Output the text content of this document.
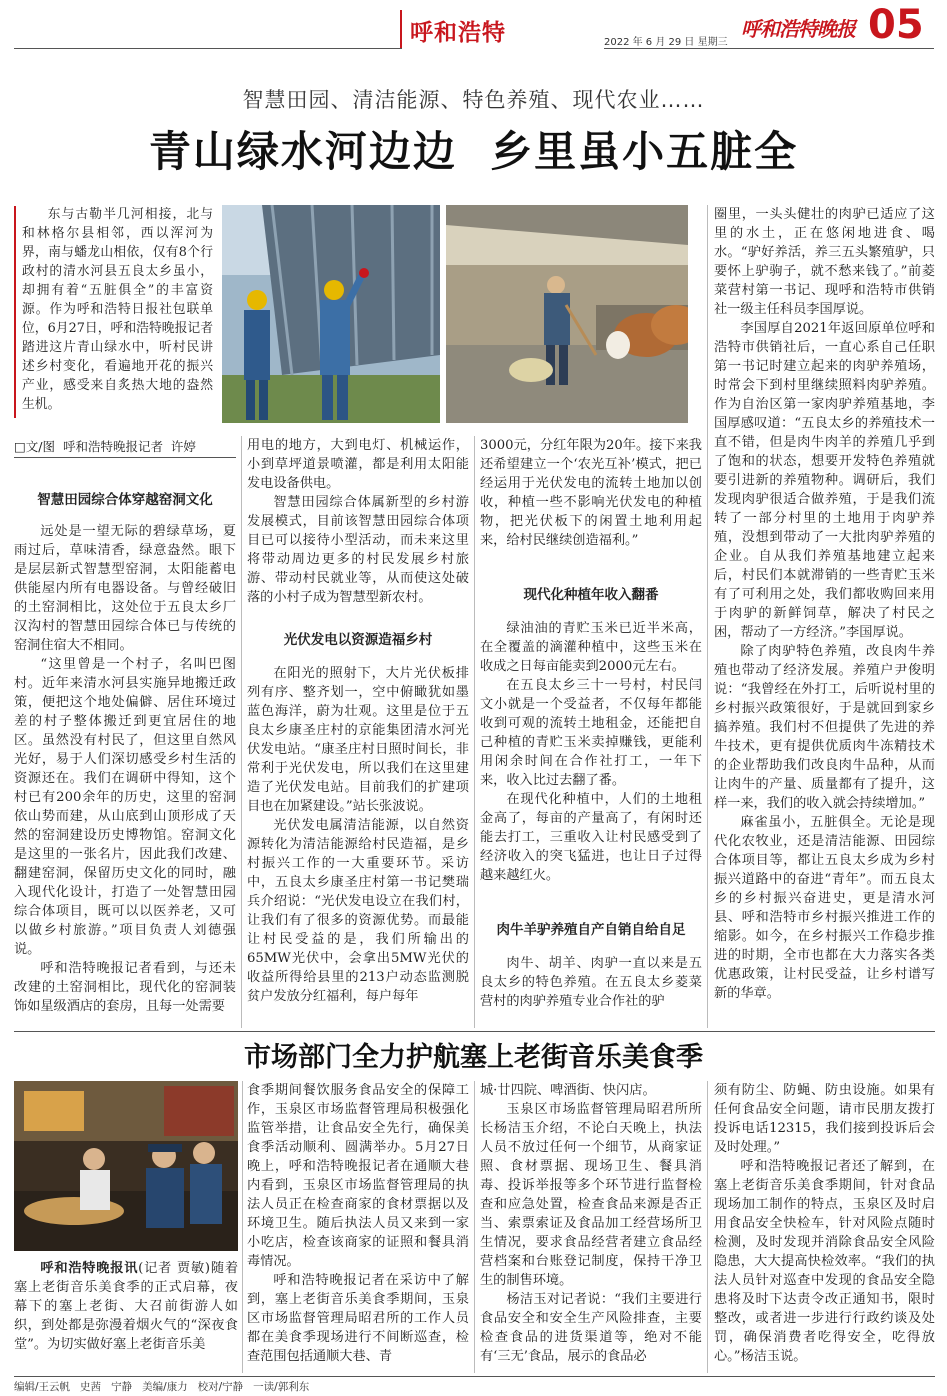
呼和浩特	2022 年 6 月 29 日 星期三
呼和浩特晚报 05
智慧田园、清洁能源、特色养殖、现代农业……
青山绿水河边边  乡里虽小五脏全

东与古勒半几河相接，北与和林格尔县相邻，西以浑河为界，南与蟠龙山相依，仅有8个行政村的清水河县五良太乡虽小，却拥有着“五脏俱全”的丰富资源。作为呼和浩特日报社包联单位，6月27日，呼和浩特晚报记者踏进这片青山绿水中，听村民讲述乡村变化，看遍地开花的振兴产业，感受来自炙热大地的盎然生机。

□文/图  呼和浩特晚报记者  许婷

智慧田园综合体穿越窑洞文化

远处是一望无际的碧绿草场，夏雨过后，草味清香，绿意盎然。眼下是层层新式智慧型窑洞，太阳能蓄电供能屋内所有电器设备。与曾经破旧的土窑洞相比，这处位于五良太乡厂汉沟村的智慧田园综合体已与传统的窑洞住宿大不相同。

“这里曾是一个村子，名叫巴图村。近年来清水河县实施异地搬迁政策，便把这个地处偏僻、居住环境过差的村子整体搬迁到更宜居住的地区。虽然没有村民了，但这里自然风光好，易于人们深切感受乡村生活的资源还在。我们在调研中得知，这个村已有200余年的历史，这里的窑洞依山势而建，从山底到山顶形成了天然的窑洞建设历史博物馆。窑洞文化是这里的一张名片，因此我们改建、翻建窑洞，保留历史文化的同时，融入现代化设计，打造了一处智慧田园综合体项目，既可以以医养老，又可以做乡村旅游。”项目负责人刘德强说。

呼和浩特晚报记者看到，与还未改建的土窑洞相比，现代化的窑洞装饰如星级酒店的套房，且每一处需要

用电的地方，大到电灯、机械运作，小到草坪道景喷灌，都是利用太阳能发电设备供电。

智慧田园综合体属新型的乡村游发展模式，目前该智慧田园综合体项目已可以接待小型活动，而未来这里将带动周边更多的村民发展乡村旅游、带动村民就业等，从而使这处破落的小村子成为智慧型新农村。

光伏发电以资源造福乡村

在阳光的照射下，大片光伏板排列有序、整齐划一，空中俯瞰犹如墨蓝色海洋，蔚为壮观。这里是位于五良太乡康圣庄村的京能集团清水河光伏发电站。“康圣庄村日照时间长，非常利于光伏发电，所以我们在这里建造了光伏发电站。目前我们的扩建项目也在加紧建设。”站长张波说。

光伏发电属清洁能源，以自然资源转化为清洁能源给村民造福，是乡村振兴工作的一大重要环节。采访中，五良太乡康圣庄村第一书记樊瑞兵介绍说：“光伏发电设立在我们村，让我们有了很多的资源优势。而最能让村民受益的是，我们所输出的65MW光伏中，会拿出5MW光伏的收益所得给县里的213户动态监测脱贫户发放分红福利，每户每年

3000元，分红年限为20年。接下来我还希望建立一个‘农光互补’模式，把已经运用于光伏发电的流转土地加以创收，种植一些不影响光伏发电的种植物，把光伏板下的闲置土地利用起来，给村民继续创造福利。”

现代化种植年收入翻番

绿油油的青贮玉米已近半米高，在全覆盖的滴灌种植中，这些玉米在收成之日每亩能卖到2000元左右。

在五良太乡三十一号村，村民闫文小就是一个受益者，不仅每年都能收到可观的流转土地租金，还能把自己种植的青贮玉米卖掉赚钱，更能利用闲余时间在合作社打工，一年下来，收入比过去翻了番。

在现代化种植中，人们的土地租金高了，每亩的产量高了，有闲时还能去打工，三重收入让村民感受到了经济收入的突飞猛进，也让日子过得越来越红火。

肉牛羊驴养殖自产自销自给自足

肉牛、胡羊、肉驴一直以来是五良太乡的特色养殖。在五良太乡菱菜营村的肉驴养殖专业合作社的驴

圈里，一头头健壮的肉驴已适应了这里的水土，正在悠闲地进食、喝水。“驴好养活，养三五头繁殖驴，只要怀上驴驹子，就不愁来钱了。”前菱菜营村第一书记、现呼和浩特市供销社一级主任科员李国厚说。

李国厚自2021年返回原单位呼和浩特市供销社后，一直心系自己任职第一书记时建立起来的肉驴养殖场，时常会下到村里继续照料肉驴养殖。作为自治区第一家肉驴养殖基地，李国厚感叹道：“五良太乡的养殖技术一直不错，但是肉牛肉羊的养殖几乎到了饱和的状态，想要开发特色养殖就要引进新的养殖物种。调研后，我们发现肉驴很适合做养殖，于是我们流转了一部分村里的土地用于肉驴养殖，没想到带动了一大批肉驴养殖的企业。自从我们养殖基地建立起来后，村民们本就滞销的一些青贮玉米有了可利用之处，我们都收购回来用于肉驴的新鲜饲草，解决了村民之困，帮动了一方经济。”李国厚说。

除了肉驴特色养殖，改良肉牛养殖也带动了经济发展。养殖户尹俊明说：“我曾经在外打工，后听说村里的乡村振兴政策很好，于是就回到家乡搞养殖。我们村不但提供了先进的养牛技术，更有提供优质肉牛冻精技术的企业帮助我们改良肉牛品种，从而让肉牛的产量、质量都有了提升，这样一来，我们的收入就会持续增加。”

麻雀虽小，五脏俱全。无论是现代化农牧业，还是清洁能源、田园综合体项目等，都让五良太乡成为乡村振兴道路中的奋进“青年”。而五良太乡的乡村振兴奋进史，更是清水河县、呼和浩特市乡村振兴推进工作的缩影。如今，在乡村振兴工作稳步推进的时期，全市也都在大力落实各类优惠政策，让村民受益，让乡村谱写新的华章。

市场部门全力护航塞上老街音乐美食季

呼和浩特晚报讯(记者 贾敏)随着塞上老街音乐美食季的正式启幕，夜幕下的塞上老街、大召前街游人如织，到处都是弥漫着烟火气的“深夜食堂”。为切实做好塞上老街音乐美

食季期间餐饮服务食品安全的保障工作，玉泉区市场监督管理局积极强化监管举措，让食品安全先行，确保美食季活动顺利、圆满举办。5月27日晚上，呼和浩特晚报记者在通顺大巷内看到，玉泉区市场监督管理局的执法人员正在检查商家的食材票据以及环境卫生。随后执法人员又来到一家小吃店，检查该商家的证照和餐具消毒情况。

呼和浩特晚报记者在采访中了解到，塞上老街音乐美食季期间，玉泉区市场监督管理局昭君所的工作人员都在美食季现场进行不间断巡查，检查范围包括通顺大巷、青

城·廿四院、啤酒街、快闪店。

玉泉区市场监督管理局昭君所所长杨洁玉介绍，不论白天晚上，执法人员不放过任何一个细节，从商家证照、食材票据、现场卫生、餐具消毒、投诉举报等多个环节进行监督检查和应急处置，检查食品来源是否正当、索票索证及食品加工经营场所卫生情况，要求食品经营者建立食品经营档案和台账登记制度，保持干净卫生的制售环境。

杨洁玉对记者说：“我们主要进行食品安全和安全生产风险排查，主要检查食品的进货渠道等，绝对不能有‘三无’食品，展示的食品必

须有防尘、防蝇、防虫设施。如果有任何食品安全问题，请市民朋友拨打投诉电话12315，我们接到投诉后会及时处理。”

呼和浩特晚报记者还了解到，在塞上老街音乐美食季期间，针对食品现场加工制作的特点，玉泉区及时启用食品安全快检车，针对风险点随时检测，及时发现并消除食品安全风险隐患，大大提高快检效率。“我们的执法人员针对巡查中发现的食品安全隐患将及时下达责令改正通知书，限时整改，或者进一步进行行政约谈及处罚，确保消费者吃得安全，吃得放心。”杨洁玉说。

编辑/王云帆   史茜   宁静   美编/康力   校对/宁静   一读/郭利东
